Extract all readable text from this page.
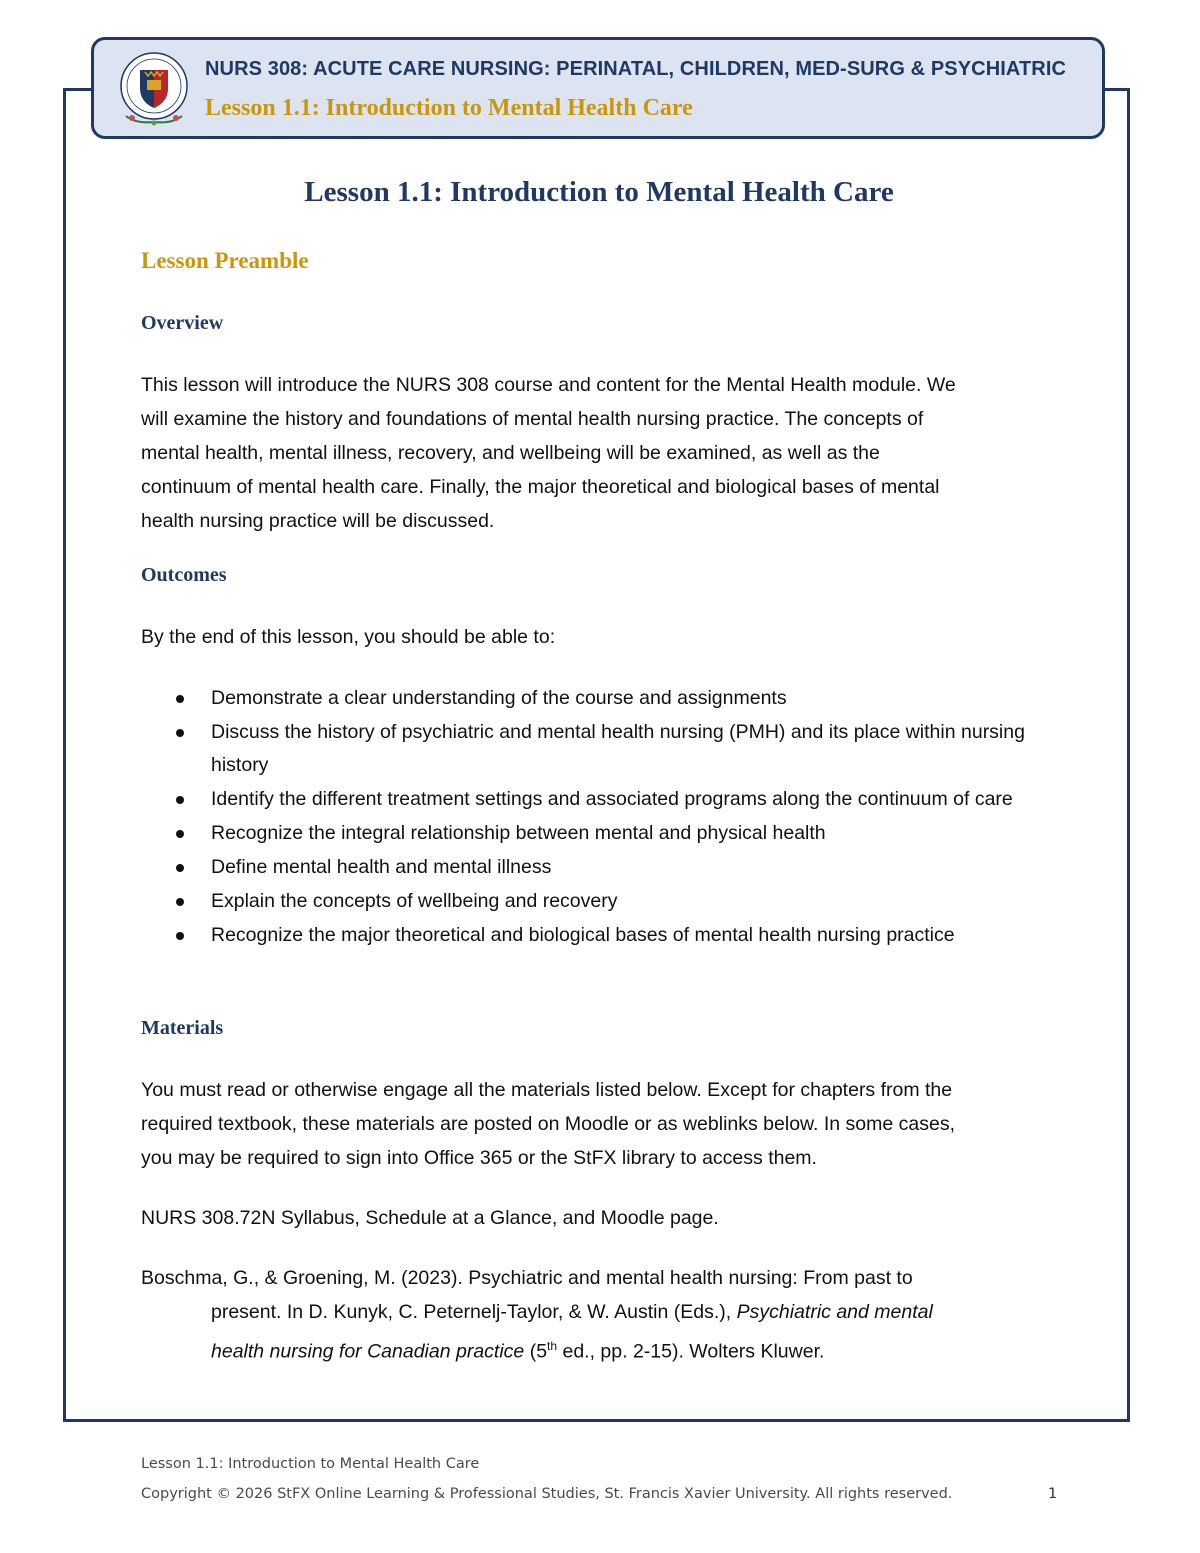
NURS 308: ACUTE CARE NURSING: PERINATAL, CHILDREN, MED-SURG & PSYCHIATRIC
Lesson 1.1: Introduction to Mental Health Care
Lesson 1.1: Introduction to Mental Health Care
Lesson Preamble
Overview

This lesson will introduce the NURS 308 course and content for the Mental Health module. We

will examine the history and foundations of mental health nursing practice. The concepts of

mental health, mental illness, recovery, and wellbeing will be examined, as well as the

continuum of mental health care. Finally, the major theoretical and biological bases of mental

health nursing practice will be discussed.

Outcomes

By the end of this lesson, you should be able to:

Demonstrate a clear understanding of the course and assignments
Discuss the history of psychiatric and mental health nursing (PMH) and its place within nursing history
Identify the different treatment settings and associated programs along the continuum of care
Recognize the integral relationship between mental and physical health
Define mental health and mental illness
Explain the concepts of wellbeing and recovery
Recognize the major theoretical and biological bases of mental health nursing practice
Materials

You must read or otherwise engage all the materials listed below. Except for chapters from the

required textbook, these materials are posted on Moodle or as weblinks below. In some cases,

you may be required to sign into Office 365 or the StFX library to access them.

NURS 308.72N Syllabus, Schedule at a Glance, and Moodle page.

Boschma, G., & Groening, M. (2023). Psychiatric and mental health nursing: From past to
present. In D. Kunyk, C. Peternelj-Taylor, & W. Austin (Eds.), Psychiatric and mental
health nursing for Canadian practice (5th ed., pp. 2-15). Wolters Kluwer.
Lesson 1.1: Introduction to Mental Health Care
Copyright © 2026 StFX Online Learning & Professional Studies, St. Francis Xavier University. All rights reserved.	1
